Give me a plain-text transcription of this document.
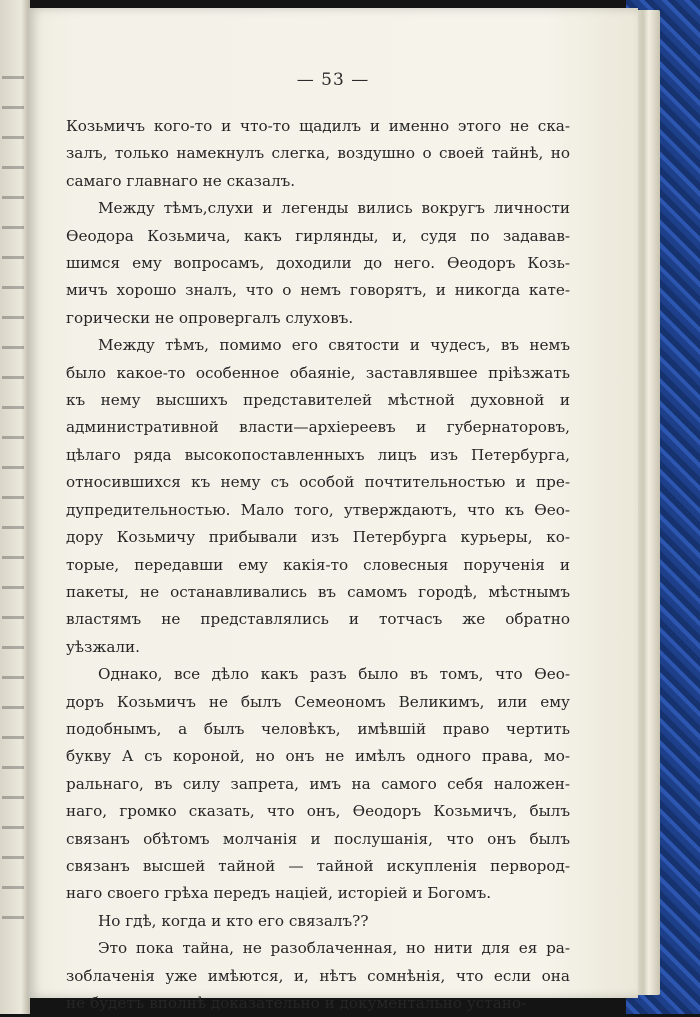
— 53 —

Козьмичъ кого-то и что-то щадилъ и именно этого не ска-
залъ, только намекнулъ слегка, воздушно о своей тайнѣ, но
самаго главнаго не сказалъ.

Между тѣмъ,слухи и легенды вились вокругъ личности
Ѳеодора Козьмича, какъ гирлянды, и, судя по задавав-
шимся ему вопросамъ, доходили до него. Ѳеодоръ Козь-
мичъ хорошо зналъ, что о немъ говорятъ, и никогда кате-
горически не опровергалъ слуховъ.

Между тѣмъ, помимо его святости и чудесъ, въ немъ
было какое-то особенное обаяніе, заставлявшее пріѣзжать
къ нему высшихъ представителей мѣстной духовной и
административной власти—архіереевъ и губернаторовъ,
цѣлаго ряда высокопоставленныхъ лицъ изъ Петербурга,
относившихся къ нему съ особой почтительностью и пре-
дупредительностью. Мало того, утверждаютъ, что къ Ѳео-
дору Козьмичу прибывали изъ Петербурга курьеры, ко-
торые, передавши ему какія-то словесныя порученія и
пакеты, не останавливались въ самомъ городѣ, мѣстнымъ
властямъ не представлялись и тотчасъ же обратно
уѣзжали.

Однако, все дѣло какъ разъ было въ томъ, что Ѳео-
доръ Козьмичъ не былъ Семеономъ Великимъ, или ему
подобнымъ, а былъ человѣкъ, имѣвшій право чертить
букву А съ короной, но онъ не имѣлъ одного права, мо-
ральнаго, въ силу запрета, имъ на самого себя наложен-
наго, громко сказать, что онъ, Ѳеодоръ Козьмичъ, былъ
связанъ обѣтомъ молчанія и послушанія, что онъ былъ
связанъ высшей тайной — тайной искупленія первород-
наго своего грѣха передъ націей, исторіей и Богомъ.

Но гдѣ, когда и кто его связалъ??

Это пока тайна, не разоблаченная, но нити для ея ра-
зоблаченія уже имѣются, и, нѣтъ сомнѣнія, что если она
не будетъ вполнѣ доказательно и документально устано-
